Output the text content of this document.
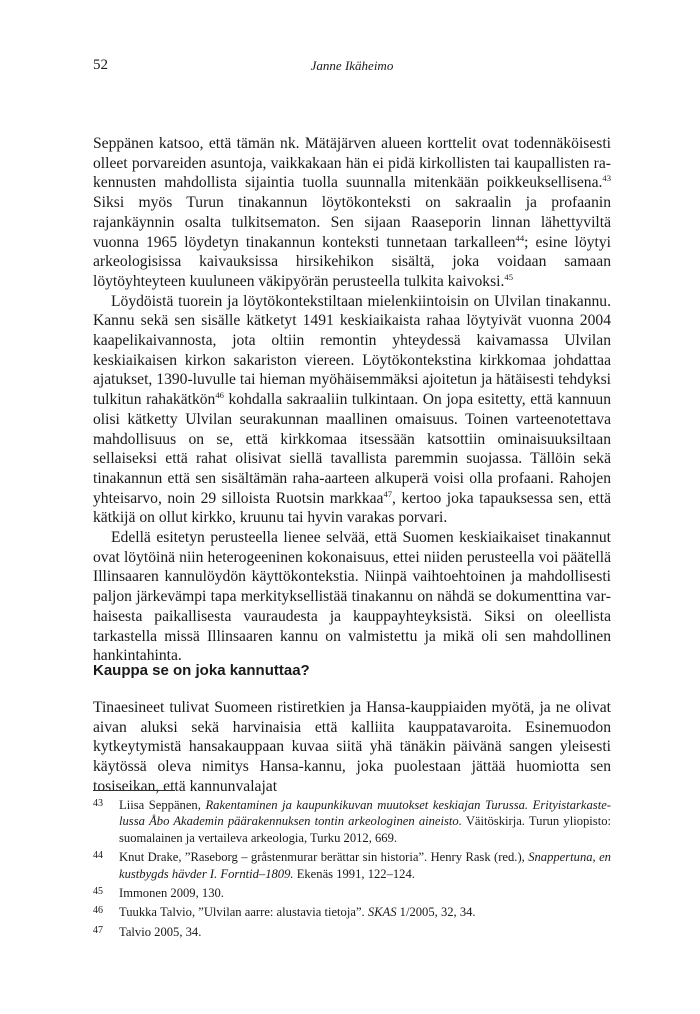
52	Janne Ikäheimo

Seppänen katsoo, että tämän nk. Mätäjärven alueen korttelit ovat todennäköisesti olleet porvareiden asuntoja, vaikkakaan hän ei pidä kirkollisten tai kaupallisten rakennusten mahdollista sijaintia tuolla suunnalla mitenkään poikkeuksellisena.$^{43}$ Siksi myös Turun tinakannun löytökonteksti on sakraalin ja profaanin rajankäynnin osalta tulkitsematon. Sen sijaan Raaseporin linnan lähettyviltä vuonna 1965 löydetyn tinakannun konteksti tunnetaan tarkalleen$^{44}$; esine löytyi arkeologisissa kaivauksissa hirsikehikon sisältä, joka voidaan samaan löytöyhteyteen kuuluneen väkipyörän perusteella tulkita kaivoksi.$^{45}$

Löydöistä tuorein ja löytökontekstiltaan mielenkiintoisin on Ulvilan tinakannu. Kannu sekä sen sisälle kätketyt 1491 keskiaikaista rahaa löytyivät vuonna 2004 kaapelikaivannosta, jota oltiin remontin yhteydessä kaivamassa Ulvilan keskiaikaisen kirkon sakariston viereen. Löytökontekstina kirkkomaa johdattaa ajatukset, 1390-luvulle tai hieman myöhäisemmäksi ajoitetun ja hätäisesti tehdyksi tulkitun rahakätkön$^{46}$ kohdalla sakraaliin tulkintaan. On jopa esitetty, että kannuun olisi kätketty Ulvilan seurakunnan maallinen omaisuus. Toinen varteenotettava mahdollisuus on se, että kirkkomaa itsessään katsottiin ominaisuuksiltaan sellaiseksi että rahat olisivat siellä tavallista paremmin suojassa. Tällöin sekä tinakannun että sen sisältämän raha-aarteen alkuperä voisi olla profaani. Rahojen yhteisarvo, noin 29 silloista Ruotsin markkaa$^{47}$, kertoo joka tapauksessa sen, että kätkijä on ollut kirkko, kruunu tai hyvin varakas porvari.

Edellä esitetyn perusteella lienee selvää, että Suomen keskiaikaiset tinakannut ovat löytöinä niin heterogeeninen kokonaisuus, ettei niiden perusteella voi päätellä Illinsaaren kannulöydön käyttökontekstia. Niinpä vaihtoehtoinen ja mahdollisesti paljon järkevämpi tapa merkityksellistää tinakannu on nähdä se dokumenttina varhaisesta paikallisesta vauraudesta ja kauppayhteyksistä. Siksi on oleellista tarkastella missä Illinsaaren kannu on valmistettu ja mikä oli sen mahdollinen hankintahinta.

Kauppa se on joka kannuttaa?

Tinaesineet tulivat Suomeen ristiretkien ja Hansa-kauppiaiden myötä, ja ne olivat aivan aluksi sekä harvinaisia että kalliita kauppatavaroita. Esinemuodon kytkeytymistä hansakauppaan kuvaa siitä yhä tänäkin päivänä sangen yleisesti käytössä oleva nimitys Hansa-kannu, joka puolestaan jättää huomiotta sen tosiseikan, että kannunvalajat

43	Liisa Seppänen, Rakentaminen ja kaupunkikuvan muutokset keskiajan Turussa. Erityistarkastelussa Åbo Akademin päärakennuksen tontin arkeologinen aineisto. Väitöskirja. Turun yliopisto: suomalainen ja vertaileva arkeologia, Turku 2012, 669.
44	Knut Drake, ”Raseborg – gråstenmurar berättar sin historia”. Henry Rask (red.), Snappertuna, en kustbygds hävder I. Forntid–1809. Ekenäs 1991, 122–124.
45	Immonen 2009, 130.
46	Tuukka Talvio, ”Ulvilan aarre: alustavia tietoja”. SKAS 1/2005, 32, 34.
47	Talvio 2005, 34.
